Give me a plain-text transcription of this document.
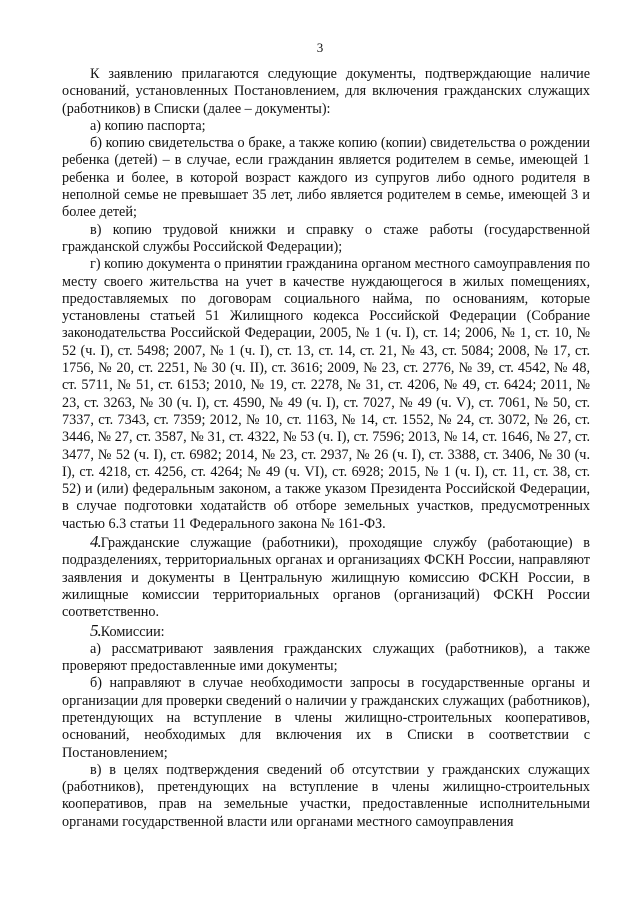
3

К заявлению прилагаются следующие документы, подтверждающие наличие оснований, установленных Постановлением, для включения гражданских служащих (работников) в Списки (далее – документы):

а) копию паспорта;

б) копию свидетельства о браке, а также копию (копии) свидетельства о рождении ребенка (детей) – в случае, если гражданин является родителем в семье, имеющей 1 ребенка и более, в которой возраст каждого из супругов либо одного родителя в неполной семье не превышает 35 лет, либо является родителем в семье, имеющей 3 и более детей;

в) копию трудовой книжки и справку о стаже работы (государственной гражданской службы Российской Федерации);

г) копию документа о принятии гражданина органом местного самоуправления по месту своего жительства на учет в качестве нуждающегося в жилых помещениях, предоставляемых по договорам социального найма, по основаниям, которые установлены статьей 51 Жилищного кодекса Российской Федерации (Собрание законодательства Российской Федерации, 2005, № 1 (ч. I), ст. 14; 2006, № 1, ст. 10, № 52 (ч. I), ст. 5498; 2007, № 1 (ч. I), ст. 13, ст. 14, ст. 21, № 43, ст. 5084; 2008, № 17, ст. 1756, № 20, ст. 2251, № 30 (ч. II), ст. 3616; 2009, № 23, ст. 2776, № 39, ст. 4542, № 48, ст. 5711, № 51, ст. 6153; 2010, № 19, ст. 2278, № 31, ст. 4206, № 49, ст. 6424; 2011, № 23, ст. 3263, № 30 (ч. I), ст. 4590, № 49 (ч. I), ст. 7027, № 49 (ч. V), ст. 7061, № 50, ст. 7337, ст. 7343, ст. 7359; 2012, № 10, ст. 1163, № 14, ст. 1552, № 24, ст. 3072, № 26, ст. 3446, № 27, ст. 3587, № 31, ст. 4322, № 53 (ч. I), ст. 7596; 2013, № 14, ст. 1646, № 27, ст. 3477, № 52 (ч. I), ст. 6982; 2014, № 23, ст. 2937, № 26 (ч. I), ст. 3388, ст. 3406, № 30 (ч. I), ст. 4218, ст. 4256, ст. 4264; № 49 (ч. VI), ст. 6928; 2015, № 1 (ч. I), ст. 11, ст. 38, ст. 52) и (или) федеральным законом, а также указом Президента Российской Федерации, в случае подготовки ходатайств об отборе земельных участков, предусмотренных частью 6.3 статьи 11 Федерального закона № 161-ФЗ.

4.Гражданские служащие (работники), проходящие службу (работающие) в подразделениях, территориальных органах и организациях ФСКН России, направляют заявления и документы в Центральную жилищную комиссию ФСКН России, в жилищные комиссии территориальных органов (организаций) ФСКН России соответственно.

5.Комиссии:

а) рассматривают заявления гражданских служащих (работников), а также проверяют предоставленные ими документы;

б) направляют в случае необходимости запросы в государственные органы и организации для проверки сведений о наличии у гражданских служащих (работников), претендующих на вступление в члены жилищно-строительных кооперативов, оснований, необходимых для включения их в Списки в соответствии с Постановлением;

в) в целях подтверждения сведений об отсутствии у гражданских служащих (работников), претендующих на вступление в члены жилищно-строительных кооперативов, прав на земельные участки, предоставленные исполнительными органами государственной власти или органами местного самоуправления
